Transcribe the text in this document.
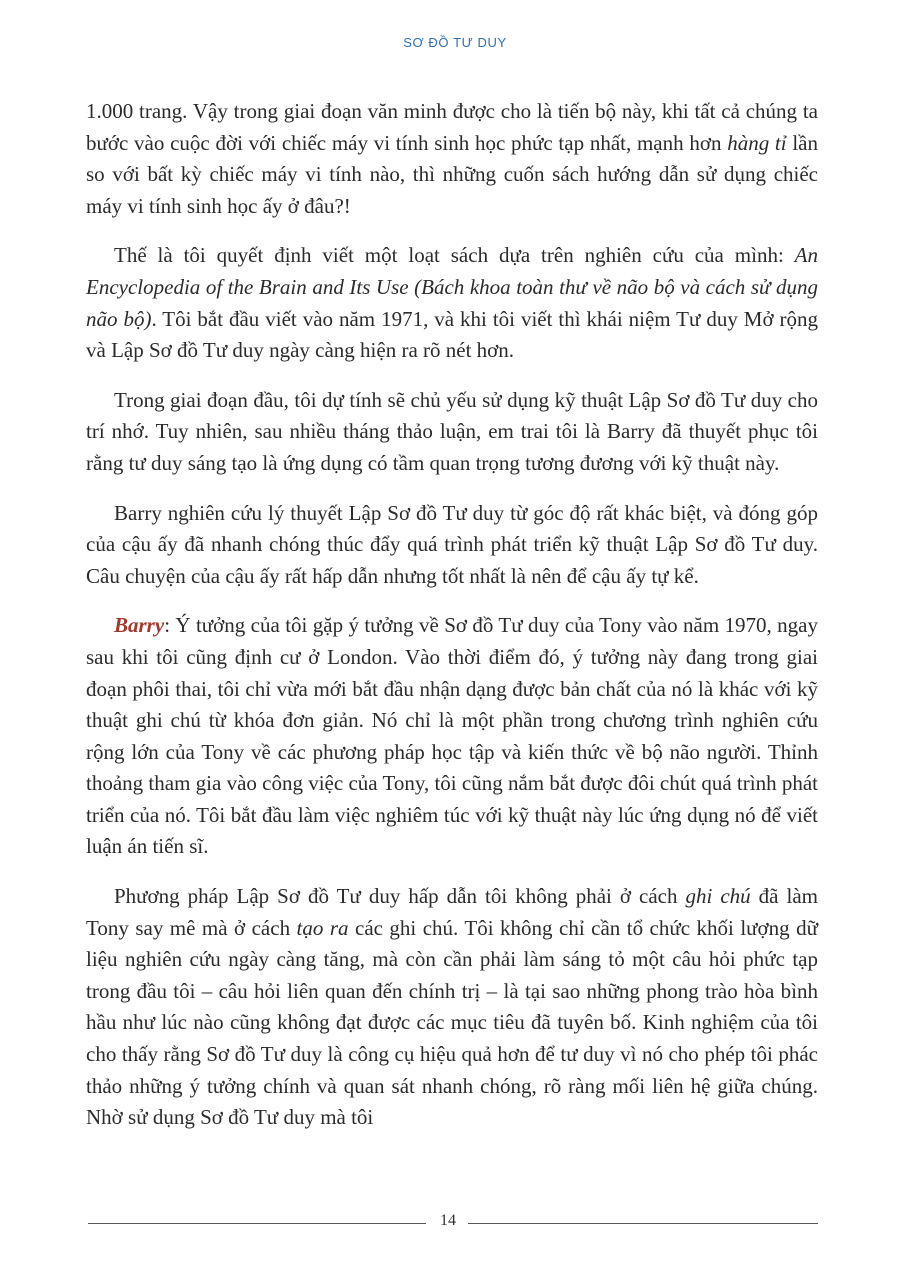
SƠ ĐỒ TƯ DUY

1.000 trang. Vậy trong giai đoạn văn minh được cho là tiến bộ này, khi tất cả chúng ta bước vào cuộc đời với chiếc máy vi tính sinh học phức tạp nhất, mạnh hơn hàng tỉ lần so với bất kỳ chiếc máy vi tính nào, thì những cuốn sách hướng dẫn sử dụng chiếc máy vi tính sinh học ấy ở đâu?!

Thế là tôi quyết định viết một loạt sách dựa trên nghiên cứu của mình: An Encyclopedia of the Brain and Its Use (Bách khoa toàn thư về não bộ và cách sử dụng não bộ). Tôi bắt đầu viết vào năm 1971, và khi tôi viết thì khái niệm Tư duy Mở rộng và Lập Sơ đồ Tư duy ngày càng hiện ra rõ nét hơn.

Trong giai đoạn đầu, tôi dự tính sẽ chủ yếu sử dụng kỹ thuật Lập Sơ đồ Tư duy cho trí nhớ. Tuy nhiên, sau nhiều tháng thảo luận, em trai tôi là Barry đã thuyết phục tôi rằng tư duy sáng tạo là ứng dụng có tầm quan trọng tương đương với kỹ thuật này.

Barry nghiên cứu lý thuyết Lập Sơ đồ Tư duy từ góc độ rất khác biệt, và đóng góp của cậu ấy đã nhanh chóng thúc đẩy quá trình phát triển kỹ thuật Lập Sơ đồ Tư duy. Câu chuyện của cậu ấy rất hấp dẫn nhưng tốt nhất là nên để cậu ấy tự kể.

Barry: Ý tưởng của tôi gặp ý tưởng về Sơ đồ Tư duy của Tony vào năm 1970, ngay sau khi tôi cũng định cư ở London. Vào thời điểm đó, ý tưởng này đang trong giai đoạn phôi thai, tôi chỉ vừa mới bắt đầu nhận dạng được bản chất của nó là khác với kỹ thuật ghi chú từ khóa đơn giản. Nó chỉ là một phần trong chương trình nghiên cứu rộng lớn của Tony về các phương pháp học tập và kiến thức về bộ não người. Thỉnh thoảng tham gia vào công việc của Tony, tôi cũng nắm bắt được đôi chút quá trình phát triển của nó. Tôi bắt đầu làm việc nghiêm túc với kỹ thuật này lúc ứng dụng nó để viết luận án tiến sĩ.

Phương pháp Lập Sơ đồ Tư duy hấp dẫn tôi không phải ở cách ghi chú đã làm Tony say mê mà ở cách tạo ra các ghi chú. Tôi không chỉ cần tổ chức khối lượng dữ liệu nghiên cứu ngày càng tăng, mà còn cần phải làm sáng tỏ một câu hỏi phức tạp trong đầu tôi – câu hỏi liên quan đến chính trị – là tại sao những phong trào hòa bình hầu như lúc nào cũng không đạt được các mục tiêu đã tuyên bố. Kinh nghiệm của tôi cho thấy rằng Sơ đồ Tư duy là công cụ hiệu quả hơn để tư duy vì nó cho phép tôi phác thảo những ý tưởng chính và quan sát nhanh chóng, rõ ràng mối liên hệ giữa chúng. Nhờ sử dụng Sơ đồ Tư duy mà tôi

14
